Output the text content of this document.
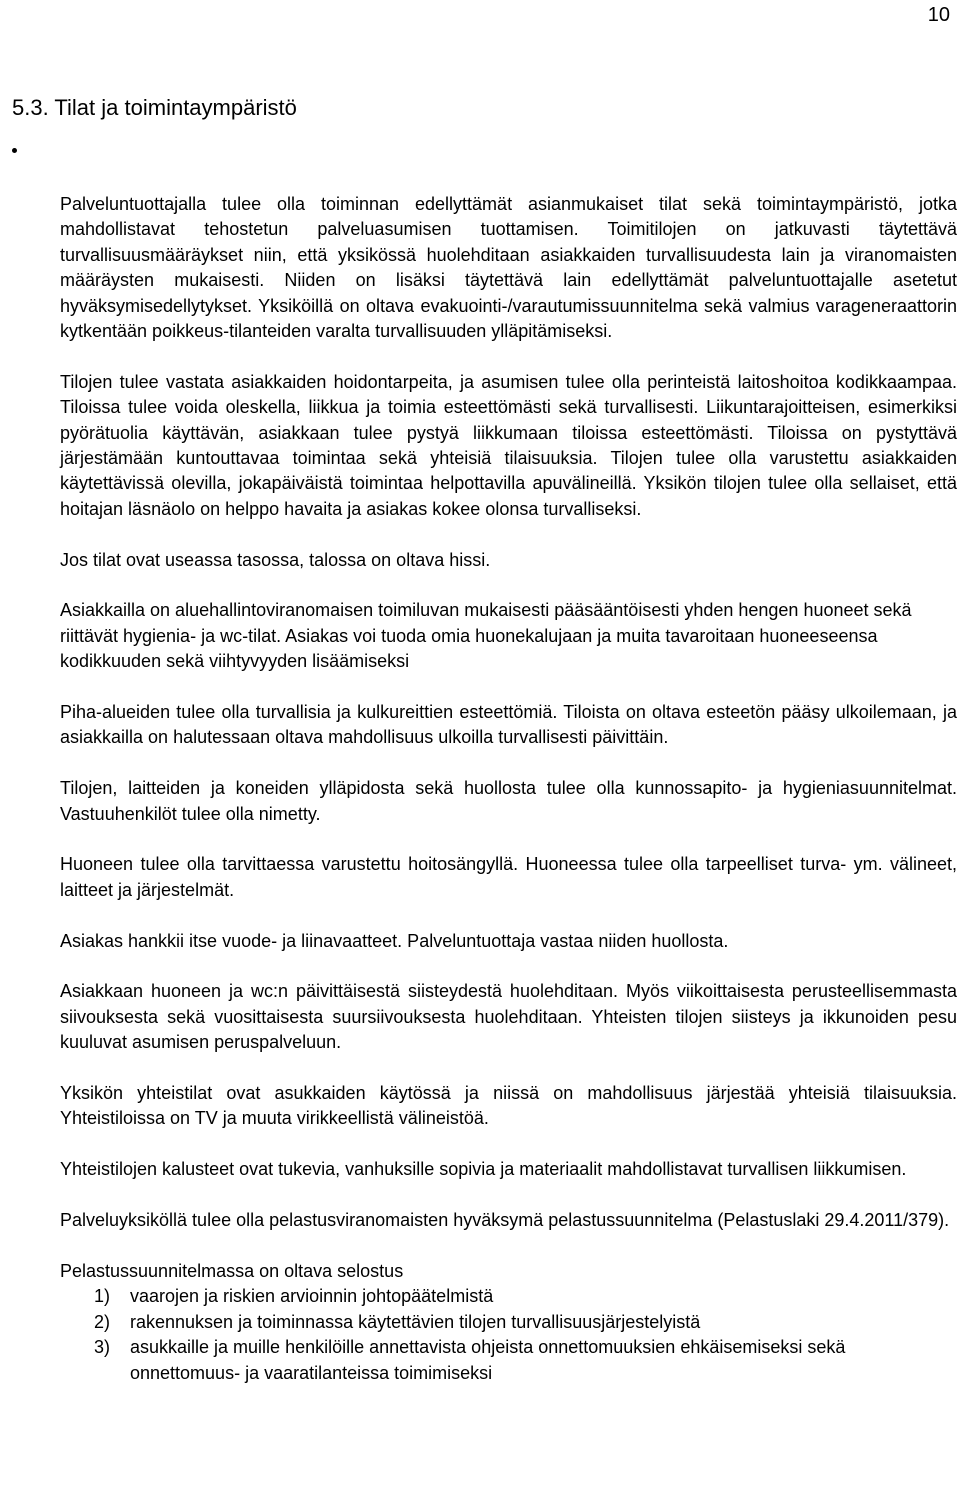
10
5.3. Tilat ja toimintaympäristö

Palveluntuottajalla tulee olla toiminnan edellyttämät asianmukaiset tilat sekä toimintaympäristö, jotka mahdollistavat tehostetun palveluasumisen tuottamisen. Toimitilojen on jatkuvasti täytettävä turvallisuusmääräykset niin, että yksikössä huolehditaan asiakkaiden turvallisuudesta lain ja viranomaisten määräysten mukaisesti. Niiden on lisäksi täytettävä lain edellyttämät palveluntuottajalle asetetut hyväksymisedellytykset. Yksiköillä on oltava evakuointi-/varautumissuunnitelma sekä valmius varageneraattorin kytkentään poikkeus-tilanteiden varalta turvallisuuden ylläpitämiseksi.

Tilojen tulee vastata asiakkaiden hoidontarpeita, ja asumisen tulee olla perinteistä laitoshoitoa kodikkaampaa. Tiloissa tulee voida oleskella, liikkua ja toimia esteettömästi sekä turvallisesti. Liikuntarajoitteisen, esimerkiksi pyörätuolia käyttävän, asiakkaan tulee pystyä liikkumaan tiloissa esteettömästi. Tiloissa on pystyttävä järjestämään kuntouttavaa toimintaa sekä yhteisiä tilaisuuksia. Tilojen tulee olla varustettu asiakkaiden käytettävissä olevilla, jokapäiväistä toimintaa helpottavilla apuvälineillä. Yksikön tilojen tulee olla sellaiset, että hoitajan läsnäolo on helppo havaita ja asiakas kokee olonsa turvalliseksi.

Jos tilat ovat useassa tasossa, talossa on oltava hissi.

Asiakkailla on aluehallintoviranomaisen toimiluvan mukaisesti pääsääntöisesti yhden hengen huoneet sekä riittävät hygienia- ja wc-tilat. Asiakas voi tuoda omia huonekalujaan ja muita tavaroitaan huoneeseensa kodikkuuden sekä viihtyvyyden lisäämiseksi

Piha-alueiden tulee olla turvallisia ja kulkureittien esteettömiä. Tiloista on oltava esteetön pääsy ulkoilemaan, ja asiakkailla on halutessaan oltava mahdollisuus ulkoilla turvallisesti päivittäin.

Tilojen, laitteiden ja koneiden ylläpidosta sekä huollosta tulee olla kunnossapito- ja hygieniasuunnitelmat. Vastuuhenkilöt tulee olla nimetty.

Huoneen tulee olla tarvittaessa varustettu hoitosängyllä. Huoneessa tulee olla tarpeelliset turva- ym. välineet, laitteet ja järjestelmät.

Asiakas hankkii itse vuode- ja liinavaatteet. Palveluntuottaja vastaa niiden huollosta.

Asiakkaan huoneen ja wc:n päivittäisestä siisteydestä huolehditaan. Myös viikoittaisesta perusteellisemmasta siivouksesta sekä vuosittaisesta suursiivouksesta huolehditaan. Yhteisten tilojen siisteys ja ikkunoiden pesu kuuluvat asumisen peruspalveluun.

Yksikön yhteistilat ovat asukkaiden käytössä ja niissä on mahdollisuus järjestää yhteisiä tilaisuuksia. Yhteistiloissa on TV ja muuta virikkeellistä välineistöä.

Yhteistilojen kalusteet ovat tukevia, vanhuksille sopivia ja materiaalit mahdollistavat turvallisen liikkumisen.

Palveluyksiköllä tulee olla pelastusviranomaisten hyväksymä pelastussuunnitelma (Pelastuslaki 29.4.2011/379).

Pelastussuunnitelmassa on oltava selostus

1)	vaarojen ja riskien arvioinnin johtopäätelmistä
2)	rakennuksen ja toiminnassa käytettävien tilojen turvallisuusjärjestelyistä
3)	asukkaille ja muille henkilöille annettavista ohjeista onnettomuuksien ehkäisemiseksi sekä onnettomuus- ja vaaratilanteissa toimimiseksi
